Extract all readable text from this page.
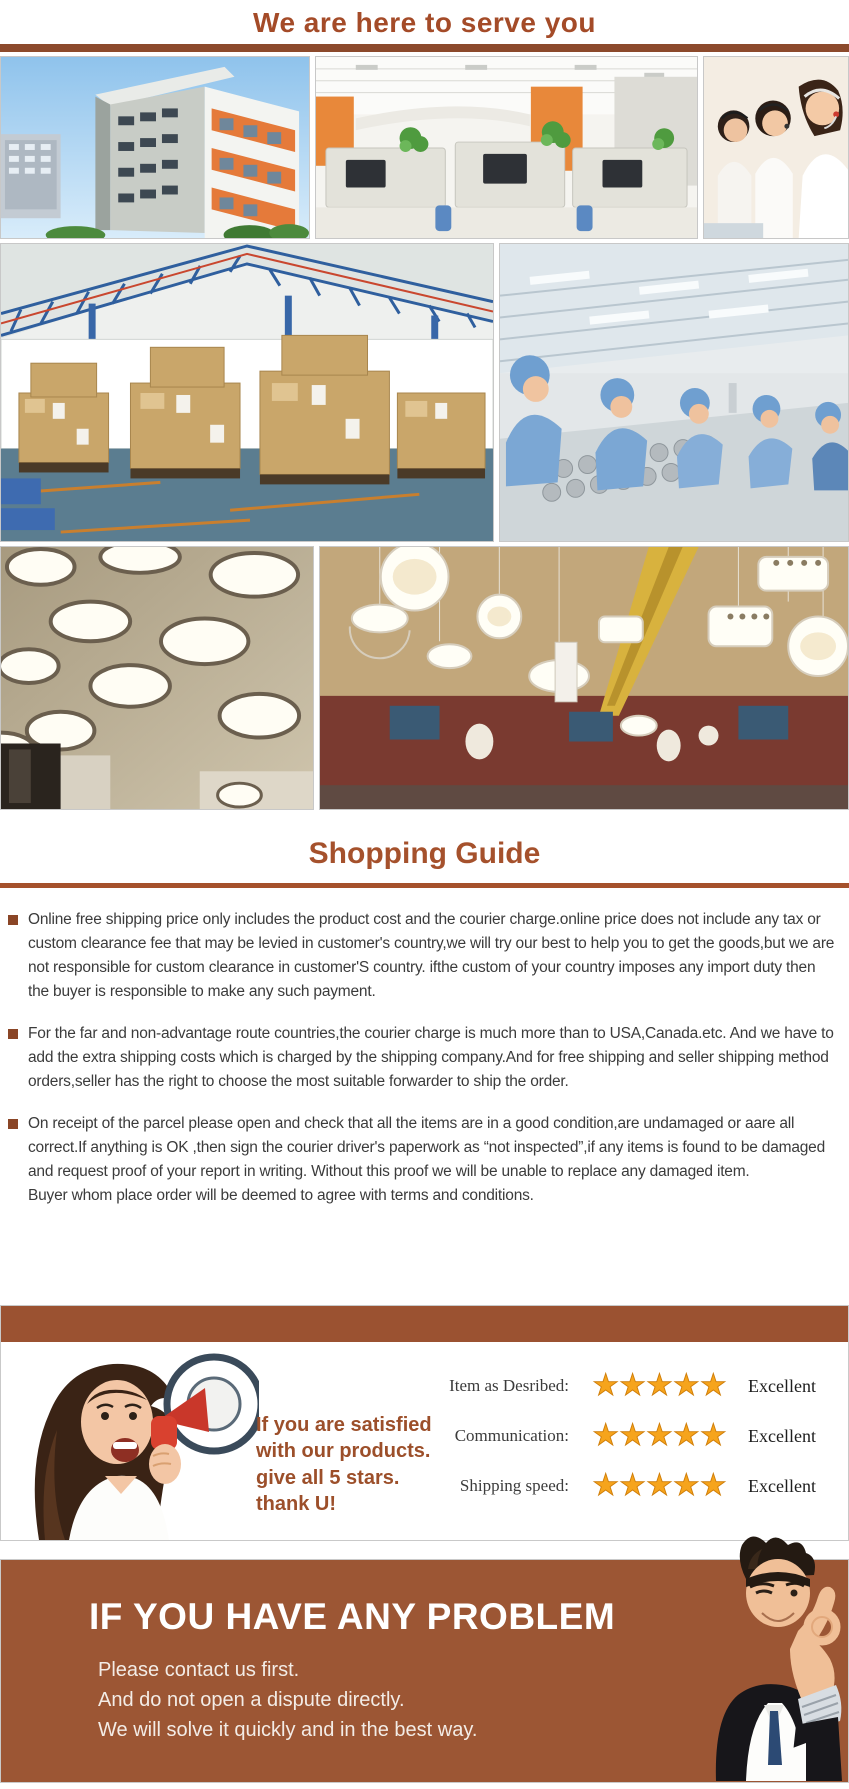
We are here to serve you
Shopping Guide

Online free shipping price only includes the product cost and the courier charge.online price does not include any tax or custom clearance fee that may be levied in customer's country,we will try our best to help you to get the goods,but we are not responsible for custom clearance in customer'S country. ifthe custom of your country imposes any import duty then the buyer is responsible to make any such payment.

For the far and non-advantage route countries,the courier charge is much more than to USA,Canada.etc. And we have to add the extra shipping costs which is charged by the shipping company.And for free shipping and seller shipping method orders,seller has the right to choose the most suitable forwarder to ship the order.

On receipt of the parcel please open and check that all the items are in a good condition,are undamaged or aare all correct.If anything is OK ,then sign the courier driver's paperwork as “not inspected”,if any items is found to be damaged and request proof of your report in writing. Without this proof we will be unable to replace any damaged item.

Buyer whom place order will be deemed to agree with terms and conditions.

If you are satisfied
with our products.
give all 5 stars.
thank U!
Item as Desribed: ★★★★★	Excellent
Communication: ★★★★★	Excellent
Shipping speed: ★★★★★	Excellent
IF YOU HAVE ANY PROBLEM
Please contact us first.
And do not open a dispute directly.
We will solve it quickly and in the best way.
